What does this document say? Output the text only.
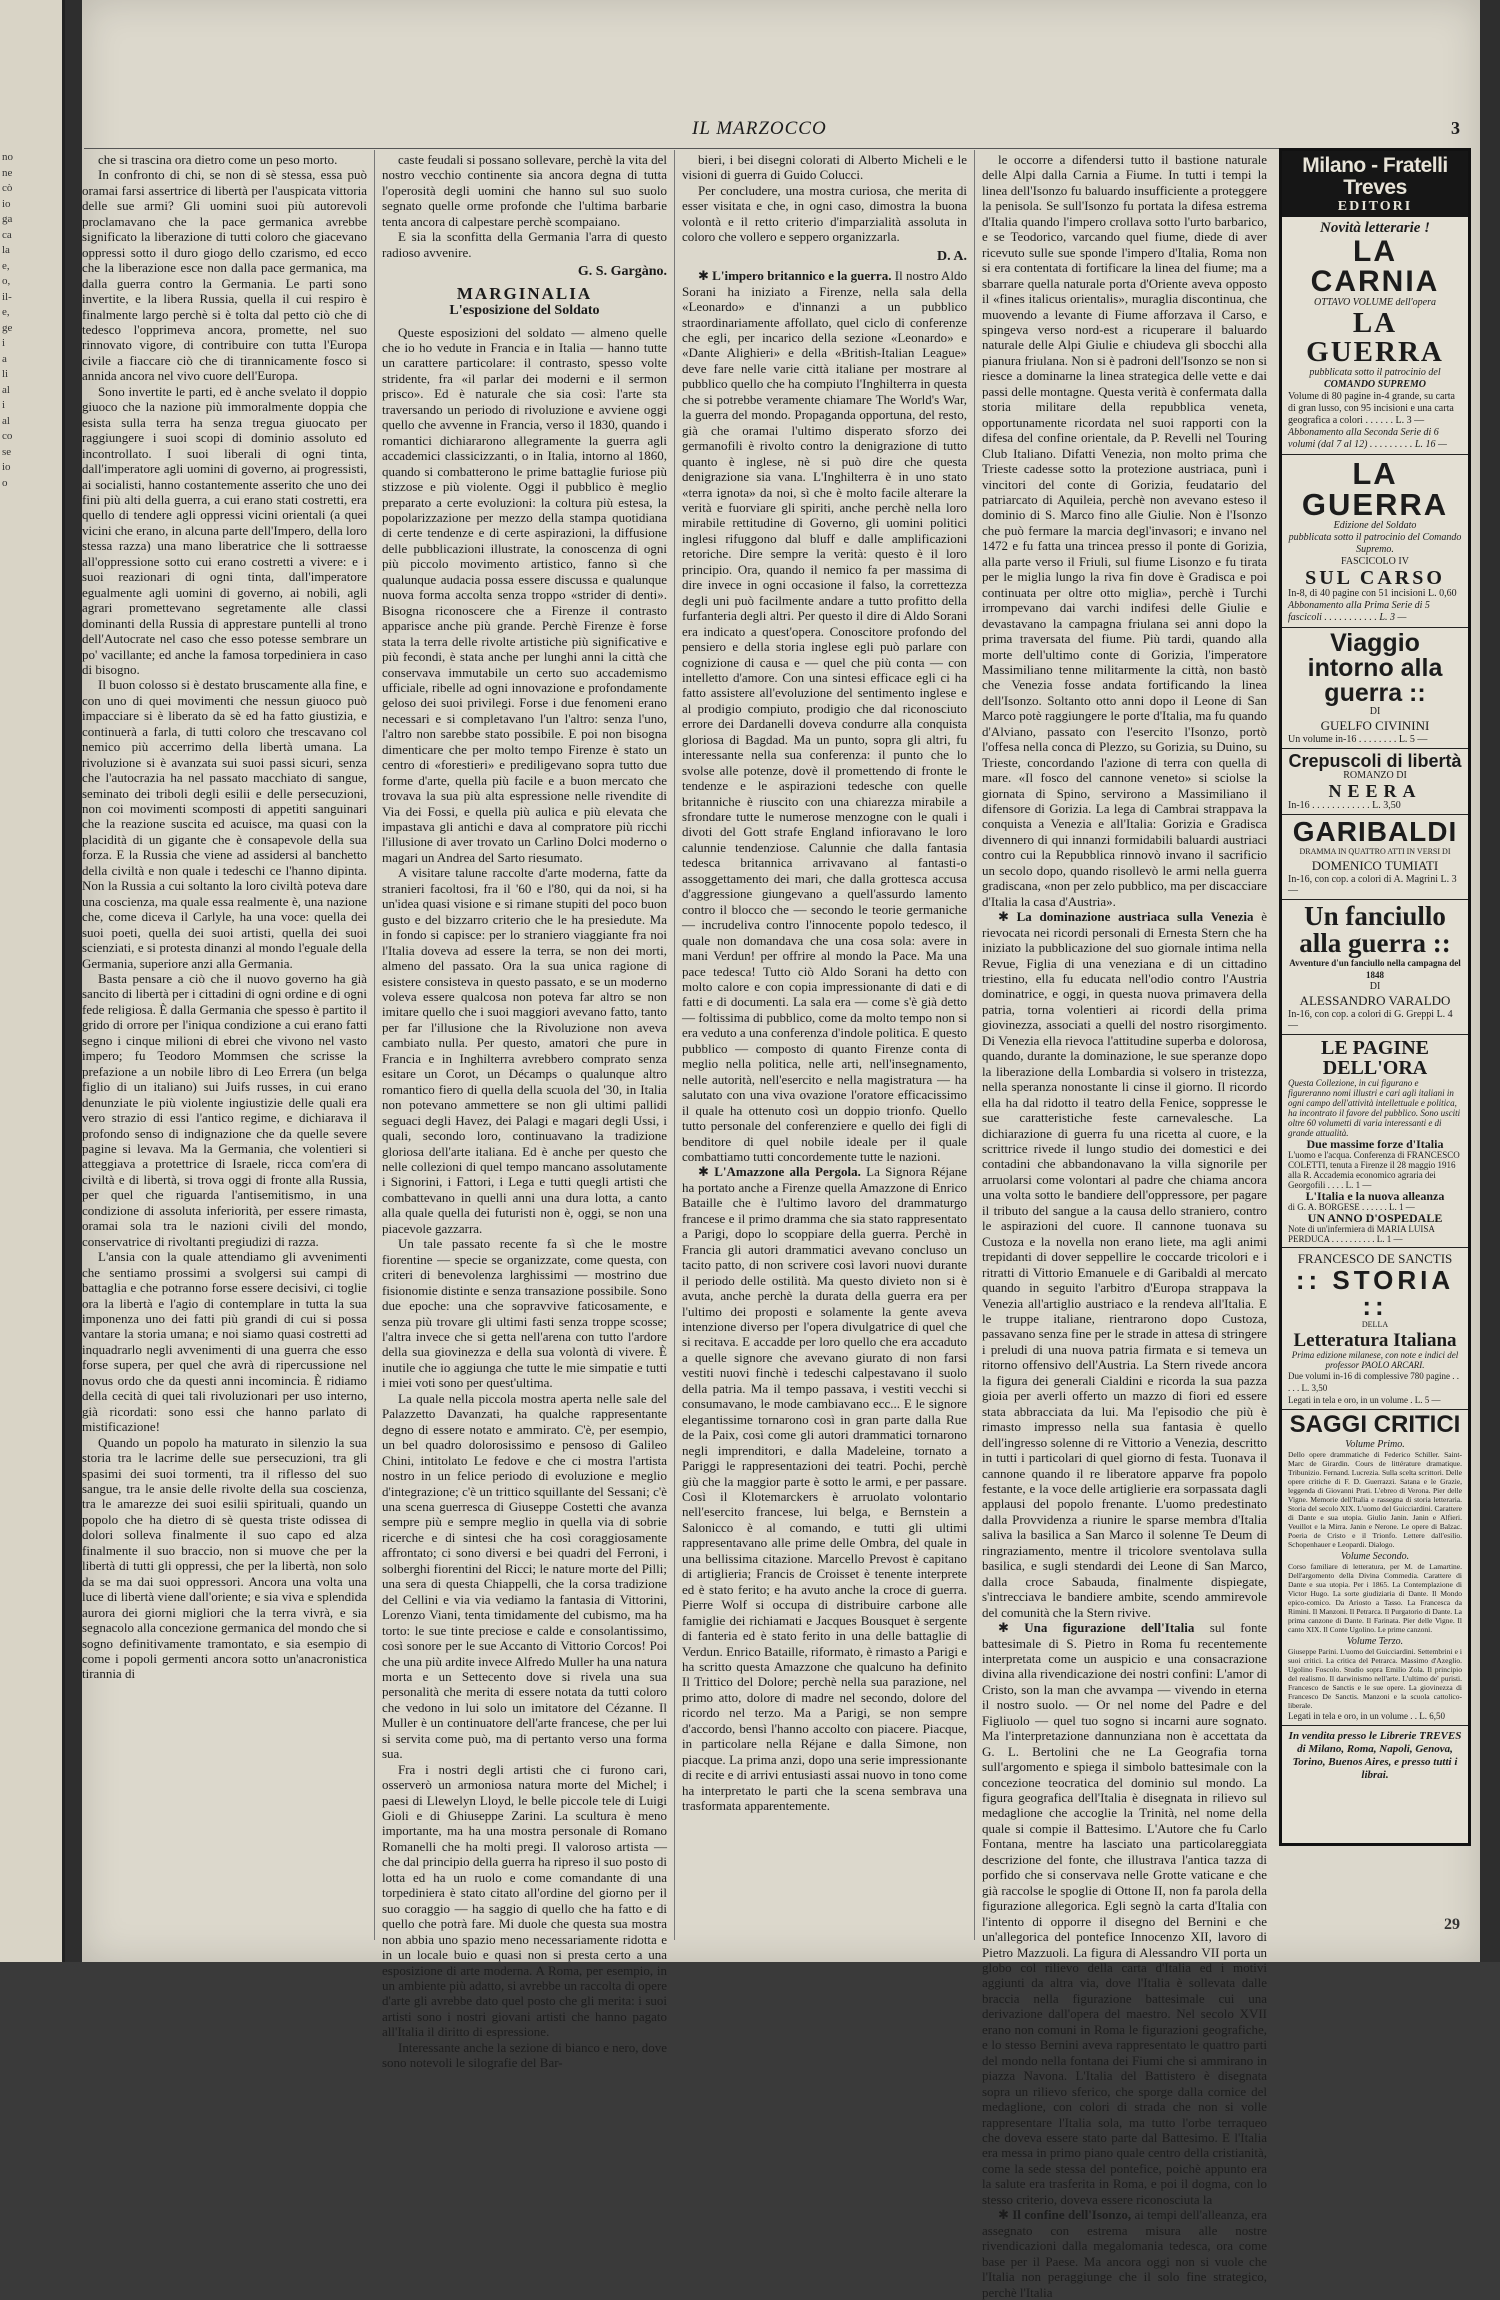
no
ne
cò
io
ga
ca
la
e,
o,
il-
e,
ge
i
a
li
al
i
al
co
se
io
o

IL MARZOCCO	3

che si trascina ora dietro come un peso morto.

In confronto di chi, se non di sè stessa, essa può oramai farsi assertrice di libertà per l'auspicata vittoria delle sue armi? Gli uomini suoi più autorevoli proclamavano che la pace germanica avrebbe significato la liberazione di tutti coloro che giacevano oppressi sotto il duro giogo dello czarismo, ed ecco che la liberazione esce non dalla pace germanica, ma dalla guerra contro la Germania. Le parti sono invertite, e la libera Russia, quella il cui respiro è finalmente largo perchè si è tolta dal petto ciò che di tedesco l'opprimeva ancora, promette, nel suo rinnovato vigore, di contribuire con tutta l'Europa civile a fiaccare ciò che di tirannicamente fosco si annida ancora nel vivo cuore dell'Europa.

Sono invertite le parti, ed è anche svelato il doppio giuoco che la nazione più immoralmente doppia che esista sulla terra ha senza tregua giuocato per raggiungere i suoi scopi di dominio assoluto ed incontrollato. I suoi liberali di ogni tinta, dall'imperatore agli uomini di governo, ai progressisti, ai socialisti, hanno costantemente asserito che uno dei fini più alti della guerra, a cui erano stati costretti, era quello di tendere agli oppressi vicini orientali (a quei vicini che erano, in alcuna parte dell'Impero, della loro stessa razza) una mano liberatrice che li sottraesse all'oppressione sotto cui erano costretti a vivere: e i suoi reazionari di ogni tinta, dall'imperatore egualmente agli uomini di governo, ai nobili, agli agrari promettevano segretamente alle classi dominanti della Russia di apprestare puntelli al trono dell'Autocrate nel caso che esso potesse sembrare un po' vacillante; ed anche la famosa torpediniera in caso di bisogno.

Il buon colosso si è destato bruscamente alla fine, e con uno di quei movimenti che nessun giuoco può impacciare si è liberato da sè ed ha fatto giustizia, e continuerà a farla, di tutti coloro che trescavano col nemico più accerrimo della libertà umana. La rivoluzione si è avanzata sui suoi passi sicuri, senza che l'autocrazia ha nel passato macchiato di sangue, seminato dei triboli degli esilii e delle persecuzioni, non coi movimenti scomposti di appetiti sanguinari che la reazione suscita ed acuisce, ma quasi con la placidità di un gigante che è consapevole della sua forza. E la Russia che viene ad assidersi al banchetto della civiltà e non quale i tedeschi ce l'hanno dipinta. Non la Russia a cui soltanto la loro civiltà poteva dare una coscienza, ma quale essa realmente è, una nazione che, come diceva il Carlyle, ha una voce: quella dei suoi poeti, quella dei suoi artisti, quella dei suoi scienziati, e si protesta dinanzi al mondo l'eguale della Germania, superiore anzi alla Germania.

Basta pensare a ciò che il nuovo governo ha già sancito di libertà per i cittadini di ogni ordine e di ogni fede religiosa. È dalla Germania che spesso è partito il grido di orrore per l'iniqua condizione a cui erano fatti segno i cinque milioni di ebrei che vivono nel vasto impero; fu Teodoro Mommsen che scrisse la prefazione a un nobile libro di Leo Errera (un belga figlio di un italiano) sui Juifs russes, in cui erano denunziate le più violente ingiustizie delle quali era vero strazio di essi l'antico regime, e dichiarava il profondo senso di indignazione che da quelle severe pagine si levava. Ma la Germania, che volentieri si atteggiava a protettrice di Israele, ricca com'era di civiltà e di libertà, si trova oggi di fronte alla Russia, per quel che riguarda l'antisemitismo, in una condizione di assoluta inferiorità, per essere rimasta, oramai sola tra le nazioni civili del mondo, conservatrice di rivoltanti pregiudizi di razza.

L'ansia con la quale attendiamo gli avvenimenti che sentiamo prossimi a svolgersi sui campi di battaglia e che potranno forse essere decisivi, ci toglie ora la libertà e l'agio di contemplare in tutta la sua imponenza uno dei fatti più grandi di cui si possa vantare la storia umana; e noi siamo quasi costretti ad inquadrarlo negli avvenimenti di una guerra che esso forse supera, per quel che avrà di ripercussione nel novus ordo che da questi anni incomincia. È ridiamo della cecità di quei tali rivoluzionari per uso interno, già ricordati: sono essi che hanno parlato di mistificazione!

Quando un popolo ha maturato in silenzio la sua storia tra le lacrime delle sue persecuzioni, tra gli spasimi dei suoi tormenti, tra il riflesso del suo sangue, tra le ansie delle rivolte della sua coscienza, tra le amarezze dei suoi esilii spirituali, quando un popolo che ha dietro di sè questa triste odissea di dolori solleva finalmente il suo capo ed alza finalmente il suo braccio, non si muove che per la libertà di tutti gli oppressi, che per la libertà, non solo da se ma dai suoi oppressori. Ancora una volta una luce di libertà viene dall'oriente; e sia viva e splendida aurora dei giorni migliori che la terra vivrà, e sia segnacolo alla concezione germanica del mondo che si sogno definitivamente tramontato, e sia esempio di come i popoli germenti ancora sotto un'anacronistica tirannia di

caste feudali si possano sollevare, perchè la vita del nostro vecchio continente sia ancora degna di tutta l'operosità degli uomini che hanno sul suo suolo segnato quelle orme profonde che l'ultima barbarie tenta ancora di calpestare perchè scompaiano.

E sia la sconfitta della Germania l'arra di questo radioso avvenire.

G. S. Gargàno.
MARGINALIA
L'esposizione del Soldato

Queste esposizioni del soldato — almeno quelle che io ho vedute in Francia e in Italia — hanno tutte un carattere particolare: il contrasto, spesso volte stridente, fra «il parlar dei moderni e il sermon prisco». Ed è naturale che sia così: l'arte sta traversando un periodo di rivoluzione e avviene oggi quello che avvenne in Francia, verso il 1830, quando i romantici dichiararono allegramente la guerra agli accademici classicizzanti, o in Italia, intorno al 1860, quando si combatterono le prime battaglie furiose più stizzose e più violente. Oggi il pubblico è meglio preparato a certe evoluzioni: la coltura più estesa, la popolarizzazione per mezzo della stampa quotidiana di certe tendenze e di certe aspirazioni, la diffusione delle pubblicazioni illustrate, la conoscenza di ogni più piccolo movimento artistico, fanno sì che qualunque audacia possa essere discussa e qualunque nuova forma accolta senza troppo «strider di denti». Bisogna riconoscere che a Firenze il contrasto apparisce anche più grande. Perchè Firenze è forse stata la terra delle rivolte artistiche più significative e più fecondi, è stata anche per lunghi anni la città che conservava immutabile un certo suo accademismo ufficiale, ribelle ad ogni innovazione e profondamente geloso dei suoi privilegi. Forse i due fenomeni erano necessari e si completavano l'un l'altro: senza l'uno, l'altro non sarebbe stato possibile. E poi non bisogna dimenticare che per molto tempo Firenze è stato un centro di «forestieri» e prediligevano sopra tutto due forme d'arte, quella più facile e a buon mercato che trovava la sua più alta espressione nelle rivendite di Via dei Fossi, e quella più aulica e più elevata che impastava gli antichi e dava al compratore più ricchi l'illusione di aver trovato un Carlino Dolci moderno o magari un Andrea del Sarto riesumato.

A visitare talune raccolte d'arte moderna, fatte da stranieri facoltosi, fra il '60 e l'80, qui da noi, si ha un'idea quasi visione e si rimane stupiti del poco buon gusto e del bizzarro criterio che le ha presiedute. Ma in fondo si capisce: per lo straniero viaggiante fra noi l'Italia doveva ad essere la terra, se non dei morti, almeno del passato. Ora la sua unica ragione di esistere consisteva in questo passato, e se un moderno voleva essere qualcosa non poteva far altro se non imitare quello che i suoi maggiori avevano fatto, tanto per far l'illusione che la Rivoluzione non aveva cambiato nulla. Per questo, amatori che pure in Francia e in Inghilterra avrebbero comprato senza esitare un Corot, un Décamps o qualunque altro romantico fiero di quella della scuola del '30, in Italia non potevano ammettere se non gli ultimi pallidi seguaci degli Havez, dei Palagi e magari degli Ussi, i quali, secondo loro, continuavano la tradizione gloriosa dell'arte italiana. Ed è anche per questo che nelle collezioni di quel tempo mancano assolutamente i Signorini, i Fattori, i Lega e tutti quegli artisti che combattevano in quelli anni una dura lotta, a canto alla quale quella dei futuristi non è, oggi, se non una piacevole gazzarra.

Un tale passato recente fa sì che le mostre fiorentine — specie se organizzate, come questa, con criteri di benevolenza larghissimi — mostrino due fisionomie distinte e senza transazione possibile. Sono due epoche: una che sopravvive faticosamente, e senza più trovare gli ultimi fasti senza troppe scosse; l'altra invece che si getta nell'arena con tutto l'ardore della sua giovinezza e della sua volontà di vivere. È inutile che io aggiunga che tutte le mie simpatie e tutti i miei voti sono per quest'ultima.

La quale nella piccola mostra aperta nelle sale del Palazzetto Davanzati, ha qualche rappresentante degno di essere notato e ammirato. C'è, per esempio, un bel quadro dolorosissimo e pensoso di Galileo Chini, intitolato Le fedove e che ci mostra l'artista nostro in un felice periodo di evoluzione e meglio d'integrazione; c'è un trittico squillante del Sessani; c'è una scena guerresca di Giuseppe Costetti che avanza sempre più e sempre meglio in quella via di sobrie ricerche e di sintesi che ha così coraggiosamente affrontato; ci sono diversi e bei quadri del Ferroni, i solberghi fiorentini del Ricci; le nature morte del Pilli; una sera di questa Chiappelli, che la corsa tradizione del Cellini e via via vediamo la fantasia di Vittorini, Lorenzo Viani, tenta timidamente del cubismo, ma ha torto: le sue tinte preciose e calde e consolantissimo, così sonore per le sue Accanto di Vittorio Corcos! Poi che una più ardite invece Alfredo Muller ha una natura morta e un Settecento dove si rivela una sua personalità che merita di essere notata da tutti coloro che vedono in lui solo un imitatore del Cézanne. Il Muller è un continuatore dell'arte francese, che per lui si servita come può, ma di pertanto verso una forma sua.

Fra i nostri degli artisti che ci furono cari, osserverò un armoniosa natura morte del Michel; i paesi di Llewelyn Lloyd, le belle piccole tele di Luigi Gioli e di Ghiuseppe Zarini. La scultura è meno importante, ma ha una mostra personale di Romano Romanelli che ha molti pregi. Il valoroso artista — che dal principio della guerra ha ripreso il suo posto di lotta ed ha un ruolo e come comandante di una torpediniera è stato citato all'ordine del giorno per il suo coraggio — ha saggio di quello che ha fatto e di quello che potrà fare. Mi duole che questa sua mostra non abbia uno spazio meno necessariamente ridotta e in un locale buio e quasi non si presta certo a una esposizione di arte moderna. A Roma, per esempio, in un ambiente più adatto, si avrebbe un raccolta di opere d'arte gli avrebbe dato quel posto che gli merita: i suoi artisti sono i nostri giovani artisti che hanno pagato all'Italia il diritto di espressione.

Interessante anche la sezione di bianco e nero, dove sono notevoli le silografie del Bar-

bieri, i bei disegni colorati di Alberto Micheli e le visioni di guerra di Guido Colucci.

Per concludere, una mostra curiosa, che merita di esser visitata e che, in ogni caso, dimostra la buona volontà e il retto criterio d'imparzialità assoluta in coloro che vollero e seppero organizzarla.

D. A.

✱ L'impero britannico e la guerra. Il nostro Aldo Sorani ha iniziato a Firenze, nella sala della «Leonardo» e d'innanzi a un pubblico straordinariamente affollato, quel ciclo di conferenze che egli, per incarico della sezione «Leonardo» e «Dante Alighieri» e della «British-Italian League» deve fare nelle varie città italiane per mostrare al pubblico quello che ha compiuto l'Inghilterra in questa che si potrebbe veramente chiamare The World's War, la guerra del mondo. Propaganda opportuna, del resto, già che oramai l'ultimo disperato sforzo dei germanofili è rivolto contro la denigrazione di tutto quanto è inglese, nè si può dire che questa denigrazione sia vana. L'Inghilterra è in uno stato «terra ignota» da noi, sì che è molto facile alterare la verità e fuorviare gli spiriti, anche perchè nella loro mirabile rettitudine di Governo, gli uomini politici inglesi rifuggono dal bluff e dalle amplificazioni retoriche. Dire sempre la verità: questo è il loro principio. Ora, quando il nemico fa per massima di dire invece in ogni occasione il falso, la correttezza degli uni può facilmente andare a tutto profitto della furfanteria degli altri. Per questo il dire di Aldo Sorani era indicato a quest'opera. Conoscitore profondo del pensiero e della storia inglese egli può parlare con cognizione di causa e — quel che più conta — con intelletto d'amore. Con una sintesi efficace egli ci ha fatto assistere all'evoluzione del sentimento inglese e al prodigio compiuto, prodigio che dal riconosciuto errore dei Dardanelli doveva condurre alla conquista gloriosa di Bagdad. Ma un punto, sopra gli altri, fu interessante nella sua conferenza: il punto che lo svolse alle potenze, dovè il promettendo di fronte le tendenze e le aspirazioni tedesche con quelle britanniche è riuscito con una chiarezza mirabile a sfrondare tutte le numerose menzogne con le quali i divoti del Gott strafe England infioravano le loro calunnie tendenziose. Calunnie che dalla fantasia tedesca britannica arrivavano al fantasti-o assoggettamento dei mari, che dalla grottesca accusa d'aggressione giungevano a quell'assurdo lamento contro il blocco che — secondo le teorie germaniche — incrudeliva contro l'innocente popolo tedesco, il quale non domandava che una cosa sola: avere in mani Verdun! per offrire al mondo la Pace. Ma una pace tedesca! Tutto ciò Aldo Sorani ha detto con molto calore e con copia impressionante di dati e di fatti e di documenti. La sala era — come s'è già detto — foltissima di pubblico, come da molto tempo non si era veduto a una conferenza d'indole politica. E questo pubblico — composto di quanto Firenze conta di meglio nella politica, nelle arti, nell'insegnamento, nelle autorità, nell'esercito e nella magistratura — ha salutato con una viva ovazione l'oratore efficacissimo il quale ha ottenuto così un doppio trionfo. Quello tutto personale del conferenziere e quello dei figli di benditore di quel nobile ideale per il quale combattiamo tutti concordemente tutte le nazioni.

✱ L'Amazzone alla Pergola. La Signora Réjane ha portato anche a Firenze quella Amazzone di Enrico Bataille che è l'ultimo lavoro del drammaturgo francese e il primo dramma che sia stato rappresentato a Parigi, dopo lo scoppiare della guerra. Perchè in Francia gli autori drammatici avevano concluso un tacito patto, di non scrivere così lavori nuovi durante il periodo delle ostilità. Ma questo divieto non si è avuta, anche perchè la durata della guerra era per l'ultimo dei proposti e solamente la gente aveva intenzione diverso per l'opera divulgatrice di quel che si recitava. E accadde per loro quello che era accaduto a quelle signore che avevano giurato di non farsi vestiti nuovi finchè i tedeschi calpestavano il suolo della patria. Ma il tempo passava, i vestiti vecchi si consumavano, le mode cambiavano ecc... E le signore elegantissime tornarono così in gran parte dalla Rue de la Paix, così come gli autori drammatici tornarono negli imprenditori, e dalla Madeleine, tornato a Pariggi le rappresentazioni dei teatri. Pochi, perchè giù che la maggior parte è sotto le armi, e per passare. Così il Klotemarckers è arruolato volontario nell'esercito francese, lui belga, e Bernstein a Salonicco è al comando, e tutti gli ultimi rappresentavano alle prime delle Ombra, del quale in una bellissima citazione. Marcello Prevost è capitano di artiglieria; Francis de Croisset è tenente interprete ed è stato ferito; e ha avuto anche la croce di guerra. Pierre Wolf si occupa di distribuire carbone alle famiglie dei richiamati e Jacques Bousquet è sergente di fanteria ed è stato ferito in una delle battaglie di Verdun. Enrico Bataille, riformato, è rimasto a Parigi e ha scritto questa Amazzone che qualcuno ha definito Il Trittico del Dolore; perchè nella sua parazione, nel primo atto, dolore di madre nel secondo, dolore del ricordo nel terzo. Ma a Parigi, se non sempre d'accordo, bensì l'hanno accolto con piacere. Piacque, in particolare nella Réjane e dalla Simone, non piacque. La prima anzi, dopo una serie impressionante di recite e di arrivi entusiasti assai nuovo in tono come ha interpretato le parti che la scena sembrava una trasformata apparentemente.

le occorre a difendersi tutto il bastione naturale delle Alpi dalla Carnia a Fiume. In tutti i tempi la linea dell'Isonzo fu baluardo insufficiente a proteggere la penisola. Se sull'Isonzo fu portata la difesa estrema d'Italia quando l'impero crollava sotto l'urto barbarico, e se Teodorico, varcando quel fiume, diede di aver ricevuto sulle sue sponde l'impero d'Italia, Roma non si era contentata di fortificare la linea del fiume; ma a sbarrare quella naturale porta d'Oriente aveva opposto il «fines italicus orientalis», muraglia discontinua, che muovendo a levante di Fiume afforzava il Carso, e spingeva verso nord-est a ricuperare il baluardo naturale delle Alpi Giulie e chiudeva gli sbocchi alla pianura friulana. Non si è padroni dell'Isonzo se non si riesce a dominarne la linea strategica delle vette e dai passi delle montagne. Questa verità è confermata dalla storia militare della repubblica veneta, opportunamente ricordata nel suoi rapporti con la difesa del confine orientale, da P. Revelli nel Touring Club Italiano. Difatti Venezia, non molto prima che Trieste cadesse sotto la protezione austriaca, punì i vincitori del conte di Gorizia, feudatario del patriarcato di Aquileia, perchè non avevano esteso il dominio di S. Marco fino alle Giulie. Non è l'Isonzo che può fermare la marcia degl'invasori; e invano nel 1472 e fu fatta una trincea presso il ponte di Gorizia, alla parte verso il Friuli, sul fiume Lisonzo e fu tirata per le miglia lungo la riva fin dove è Gradisca e poi continuata per oltre otto miglia», perchè i Turchi irrompevano dai varchi indifesi delle Giulie e devastavano la campagna friulana sei anni dopo la prima traversata del fiume. Più tardi, quando alla morte dell'ultimo conte di Gorizia, l'imperatore Massimiliano tenne militarmente la città, non bastò che Venezia fosse andata fortificando la linea dell'Isonzo. Soltanto otto anni dopo il Leone di San Marco potè raggiungere le porte d'Italia, ma fu quando d'Alviano, passato con l'esercito l'Isonzo, portò l'offesa nella conca di Plezzo, su Gorizia, su Duino, su Trieste, concordando l'azione di terra con quella di mare. «Il fosco del cannone veneto» si sciolse la giornata di Spino, servirono a Massimiliano il difensore di Gorizia. La lega di Cambrai strappava la conquista a Venezia e all'Italia: Gorizia e Gradisca divennero di qui innanzi formidabili baluardi austriaci contro cui la Repubblica rinnovò invano il sacrificio un secolo dopo, quando risollevò le armi nella guerra gradiscana, «non per zelo pubblico, ma per discacciare d'Italia la casa d'Austria».

✱ La dominazione austriaca sulla Venezia è rievocata nei ricordi personali di Ernesta Stern che ha iniziato la pubblicazione del suo giornale intima nella Revue, Figlia di una veneziana e di un cittadino triestino, ella fu educata nell'odio contro l'Austria dominatrice, e oggi, in questa nuova primavera della patria, torna volentieri ai ricordi della prima giovinezza, associati a quelli del nostro risorgimento. Di Venezia ella rievoca l'attitudine superba e dolorosa, quando, durante la dominazione, le sue speranze dopo la liberazione della Lombardia si volsero in tristezza, nella speranza nonostante li cinse il giorno. Il ricordo ella ha dal ridotto il teatro della Fenice, soppresse le sue caratteristiche feste carnevalesche. La dichiarazione di guerra fu una ricetta al cuore, e la scrittrice rivede il lungo studio dei domestici e dei contadini che abbandonavano la villa signorile per arruolarsi come volontari al padre che chiama ancora una volta sotto le bandiere dell'oppressore, per pagare il tributo del sangue a la causa dello straniero, contro le aspirazioni del cuore. Il cannone tuonava su Custoza e la novella non erano liete, ma agli animi trepidanti di dover seppellire le coccarde tricolori e i ritratti di Vittorio Emanuele e di Garibaldi al mercato quando in seguito l'arbitro d'Europa strappava la Venezia all'artiglio austriaco e la rendeva all'Italia. E le truppe italiane, rientrarono dopo Custoza, passavano senza fine per le strade in attesa di stringere i preludi di una nuova patria firmata e si temeva un ritorno offensivo dell'Austria. La Stern rivede ancora la figura dei generali Cialdini e ricorda la sua pazza gioia per averli offerto un mazzo di fiori ed essere stata abbracciata da lui. Ma l'episodio che più è rimasto impresso nella sua fantasia è quello dell'ingresso solenne di re Vittorio a Venezia, descritto in tutti i particolari di quel giorno di festa. Tuonava il cannone quando il re liberatore apparve fra popolo festante, e la voce delle artiglierie era sorpassata dagli applausi del popolo frenante. L'uomo predestinato dalla Provvidenza a riunire le sparse membra d'Italia saliva la basilica a San Marco il solenne Te Deum di ringraziamento, mentre il tricolore sventolava sulla basilica, e sugli stendardi dei Leone di San Marco, dalla croce Sabauda, finalmente dispiegate, s'intrecciava le bandiere ambite, scendo ammirevole del comunità che la Stern rivive.

✱ Una figurazione dell'Italia sul fonte battesimale di S. Pietro in Roma fu recentemente interpretata come un auspicio e una consacrazione divina alla rivendicazione dei nostri confini: L'amor di Cristo, son la man che avvampa — vivendo in eterna il nostro suolo. — Or nel nome del Padre e del Figliuolo — quel tuo sogno si incarni aure sognato. Ma l'interpretazione dannunziana non è accettata da G. L. Bertolini che ne La Geografia torna sull'argomento e spiega il simbolo battesimale con la concezione teocratica del dominio sul mondo. La figura geografica dell'Italia è disegnata in rilievo sul medaglione che accoglie la Trinità, nel nome della quale si compie il Battesimo. L'Autore che fu Carlo Fontana, mentre ha lasciato una particolareggiata descrizione del fonte, che illustrava l'antica tazza di porfido che si conservava nelle Grotte vaticane e che già raccolse le spoglie di Ottone II, non fa parola della figurazione allegorica. Egli segnò la carta d'Italia con l'intento di opporre il disegno del Bernini e che un'allegorica del pontefice Innocenzo XII, lavoro di Pietro Mazzuoli. La figura di Alessandro VII porta un globo col rilievo della carta d'Italia ed i motivi aggiunti da altra via, dove l'Italia è sollevata dalle braccia nella figurazione battesimale cui una derivazione dall'opera del maestro. Nel secolo XVII erano non comuni in Roma le figurazioni geografiche, e lo stesso Bernini aveva rappresentato le quattro parti del mondo nella fontana dei Fiumi che si ammirano in piazza Navona. L'Italia del Battistero è disegnata sopra un rilievo sferico, che sporge dalla cornice del medaglione, con colori di strada che non si volle rappresentare l'Italia sola, ma tutto l'orbe terraqueo che doveva essere stato parte dal Battesimo. E l'Italia era messa in primo piano quale centro della cristianità, come la sede stessa del pontefice, poichè appunto era la salute era trasferita in Roma, e poi il dogma, con lo stesso criterio, doveva essere riconosciuta la

✱ Il confine dell'Isonzo, ai tempi dell'alleanza, era assegnato con estrema misura alle nostre rivendicazioni dalla megalomania tedesca, ora come base per il Paese. Ma ancora oggi non si vuole che l'Italia non peraggiunge che il solo fine strategico, perchè l'Italia

Milano - Fratelli Treves
EDITORI
Novità letterarie !
LA CARNIA
OTTAVO VOLUME dell'opera
LA GUERRA
pubblicata sotto il patrocinio del
COMANDO SUPREMO
Volume di 80 pagine in-4 grande, su carta di gran lusso, con 95 incisioni e una carta geografica a colori . . . . . . L. 3 —
Abbonamento alla Seconda Serie di 6 volumi (dal 7 al 12) . . . . . . . . . L. 16 —
LA GUERRA
Edizione del Soldato
pubblicata sotto il patrocinio del Comando Supremo.
FASCICOLO IV
SUL CARSO
In-8, di 40 pagine con 51 incisioni L. 0,60
Abbonamento alla Prima Serie di 5 fascicoli . . . . . . . . . . . L. 3 —
Viaggio intorno alla guerra ::
DI
GUELFO CIVININI
Un volume in-16 . . . . . . . . L. 5 —
Crepuscoli di libertà
ROMANZO DI
NEERA
In-16 . . . . . . . . . . . . L. 3,50
GARIBALDI
DRAMMA IN QUATTRO ATTI IN VERSI DI
DOMENICO TUMIATI
In-16, con cop. a colori di A. Magrini L. 3 —
Un fanciullo alla guerra ::
Avventure d'un fanciullo nella campagna del 1848
DI
ALESSANDRO VARALDO
In-16, con cop. a colori di G. Greppi L. 4 —
LE PAGINE DELL'ORA
Questa Collezione, in cui figurano e figureranno nomi illustri e cari agli italiani in ogni campo dell'attività intellettuale e politica, ha incontrato il favore del pubblico. Sono usciti oltre 60 volumetti di varia interessanti e di grande attualità.
Due massime forze d'Italia
L'uomo e l'acqua. Conferenza di FRANCESCO COLETTI, tenuta a Firenze il 28 maggio 1916 alla R. Accademia economico agraria dei Georgofili . . . . L. 1 —
L'Italia e la nuova alleanza
di G. A. BORGESE . . . . . . L. 1 —
UN ANNO D'OSPEDALE
Note di un'infermiera di MARIA LUISA PERDUCA . . . . . . . . . . L. 1 —
FRANCESCO DE SANCTIS
:: STORIA ::
DELLA
Letteratura Italiana
Prima edizione milanese, con note e indici del professor PAOLO ARCARI.
Due volumi in-16 di complessive 780 pagine . . . . . L. 3,50
Legati in tela e oro, in un volume . L. 5 —
SAGGI CRITICI
Volume Primo.
Dello opere drammatiche di Federico Schiller. Saint-Marc de Girardin. Cours de littérature dramatique. Tribunizio. Fernand. Lucrezia. Sulla scelta scrittori. Delle opere critiche di F. D. Guerrazzi. Satana e le Grazie, leggenda di Giovanni Prati. L'ebreo di Verona. Pier delle Vigne. Memorie dell'Italia e rassegna di storia letteraria. Storia del secolo XIX. L'uomo del Guicciardini. Carattere di Dante e sua utopia. Giulio Janin. Janin e Alfieri. Veuillot e la Mirra. Janin e Nerone. Le opere di Balzac. Poeria de Cristo e il Trionfo. Lettere dall'esilio. Schopenhauer e Leopardi. Dialogo.
Volume Secondo.
Corso familiare di letteratura, per M. de Lamartine. Dell'argomento della Divina Commedia. Carattere di Dante e sua utopia. Per i 1865. La Contemplazione di Victor Hugo. La sorte giudiziaria di Dante. Il Mondo epico-comico. Da Ariosto a Tasso. La Francesca da Rimini. Il Manzoni. Il Petrarca. Il Purgatorio di Dante. La prima canzone di Dante. Il Farinata. Pier delle Vigne. Il canto XIX. Il Conte Ugolino. Le prime canzoni.
Volume Terzo.
Giuseppe Parini. L'uomo del Guicciardini. Settembrini e i suoi critici. La critica del Petrarca. Massimo d'Azeglio. Ugolino Foscolo. Studio sopra Emilio Zola. Il principio del realismo. Il darwinismo nell'arte. L'ultimo de' puristi. Francesco de Sanctis e le sue opere. La giovinezza di Francesco De Sanctis. Manzoni e la scuola cattolico-liberale.
Legati in tela e oro, in un volume . . L. 6,50
In vendita presso le Librerie TREVES di Milano, Roma, Napoli, Genova, Torino, Buenos Aires, e presso tutti i librai.
29
